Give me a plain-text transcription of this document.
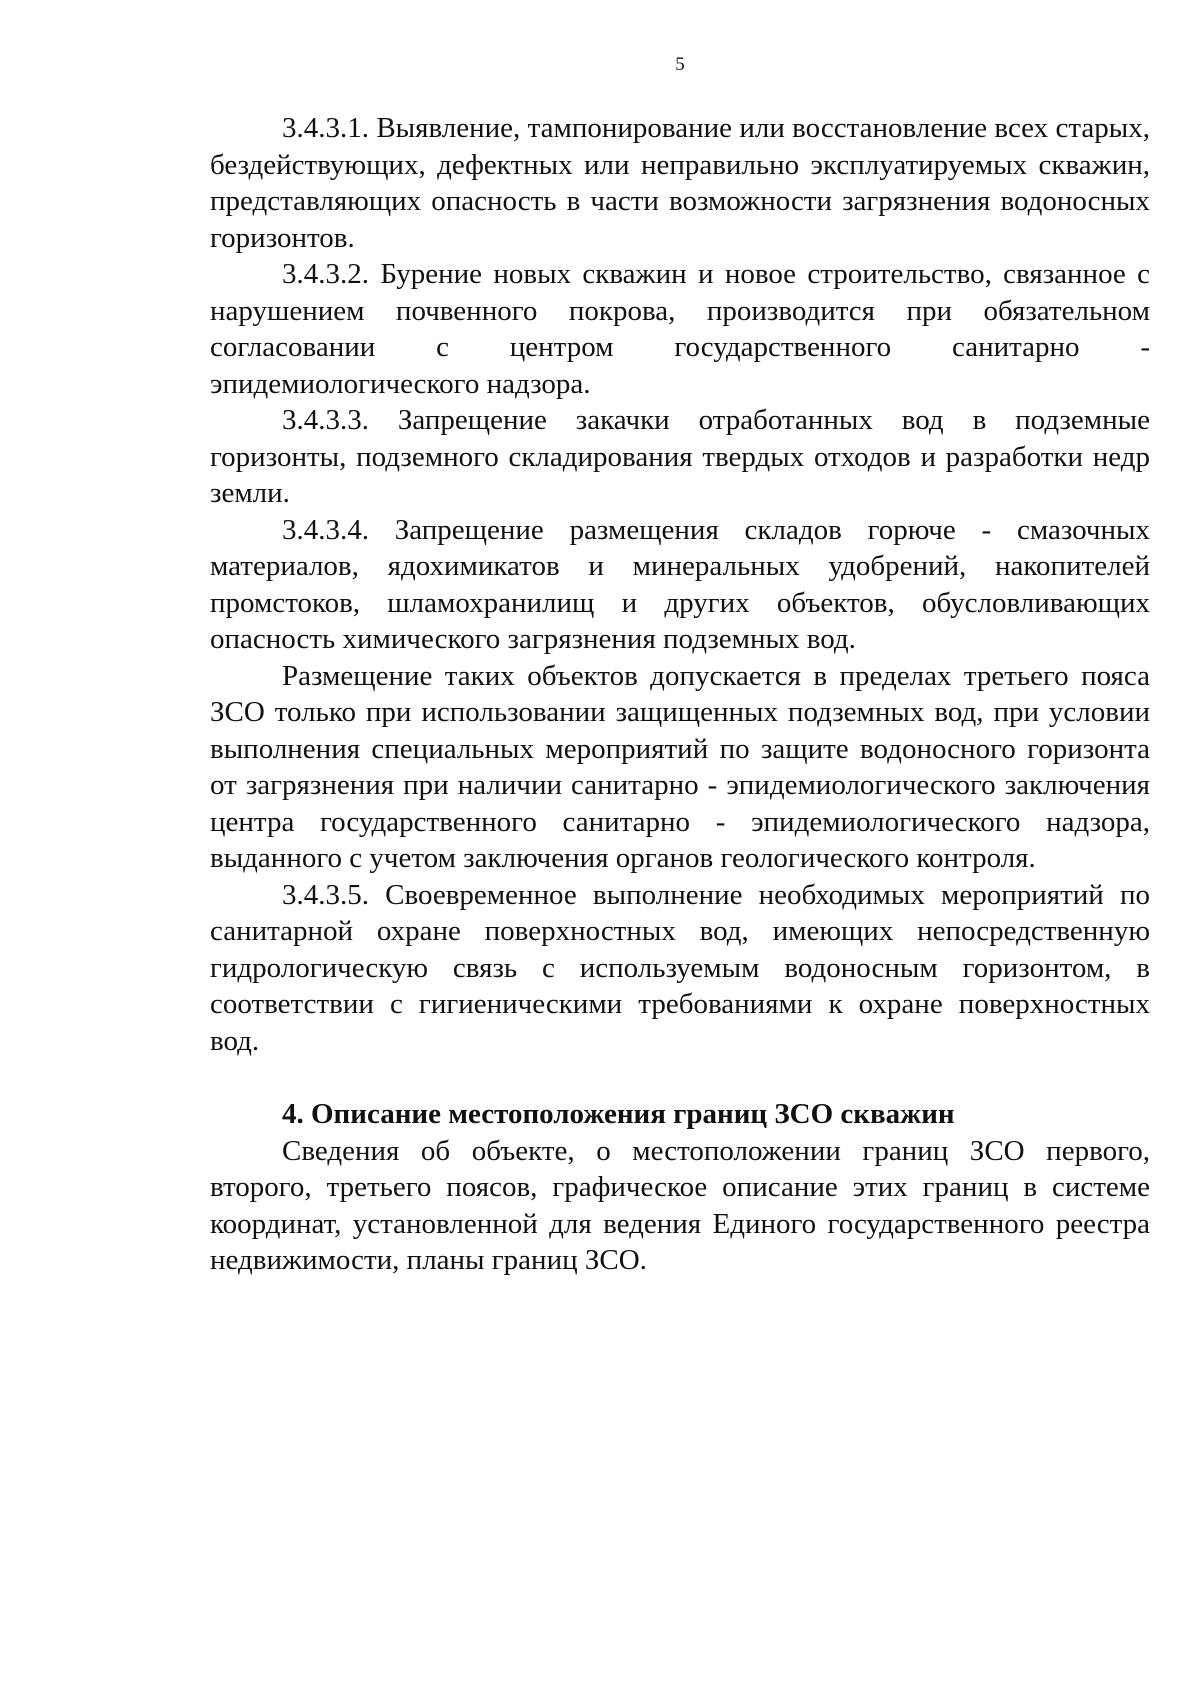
5

3.4.3.1. Выявление, тампонирование или восстановление всех старых, бездействующих, дефектных или неправильно эксплуатируемых скважин, представляющих опасность в части возможности загрязнения водоносных горизонтов.

3.4.3.2. Бурение новых скважин и новое строительство, связанное с нарушением почвенного покрова, производится при обязательном согласовании с центром государственного санитарно - эпидемиологического надзора.

3.4.3.3. Запрещение закачки отработанных вод в подземные горизонты, подземного складирования твердых отходов и разработки недр земли.

3.4.3.4. Запрещение размещения складов горюче - смазочных материалов, ядохимикатов и минеральных удобрений, накопителей промстоков, шламохранилищ и других объектов, обусловливающих опасность химического загрязнения подземных вод.

Размещение таких объектов допускается в пределах третьего пояса ЗСО только при использовании защищенных подземных вод, при условии выполнения специальных мероприятий по защите водоносного горизонта от загрязнения при наличии санитарно - эпидемиологического заключения центра государственного санитарно - эпидемиологического надзора, выданного с учетом заключения органов геологического контроля.

3.4.3.5. Своевременное выполнение необходимых мероприятий по санитарной охране поверхностных вод, имеющих непосредственную гидрологическую связь с используемым водоносным горизонтом, в соответствии с гигиеническими требованиями к охране поверхностных вод.

4. Описание местоположения границ ЗСО скважин

Сведения об объекте, о местоположении границ ЗСО первого, второго, третьего поясов, графическое описание этих границ в системе координат, установленной для ведения Единого государственного реестра недвижимости, планы границ ЗСО.
